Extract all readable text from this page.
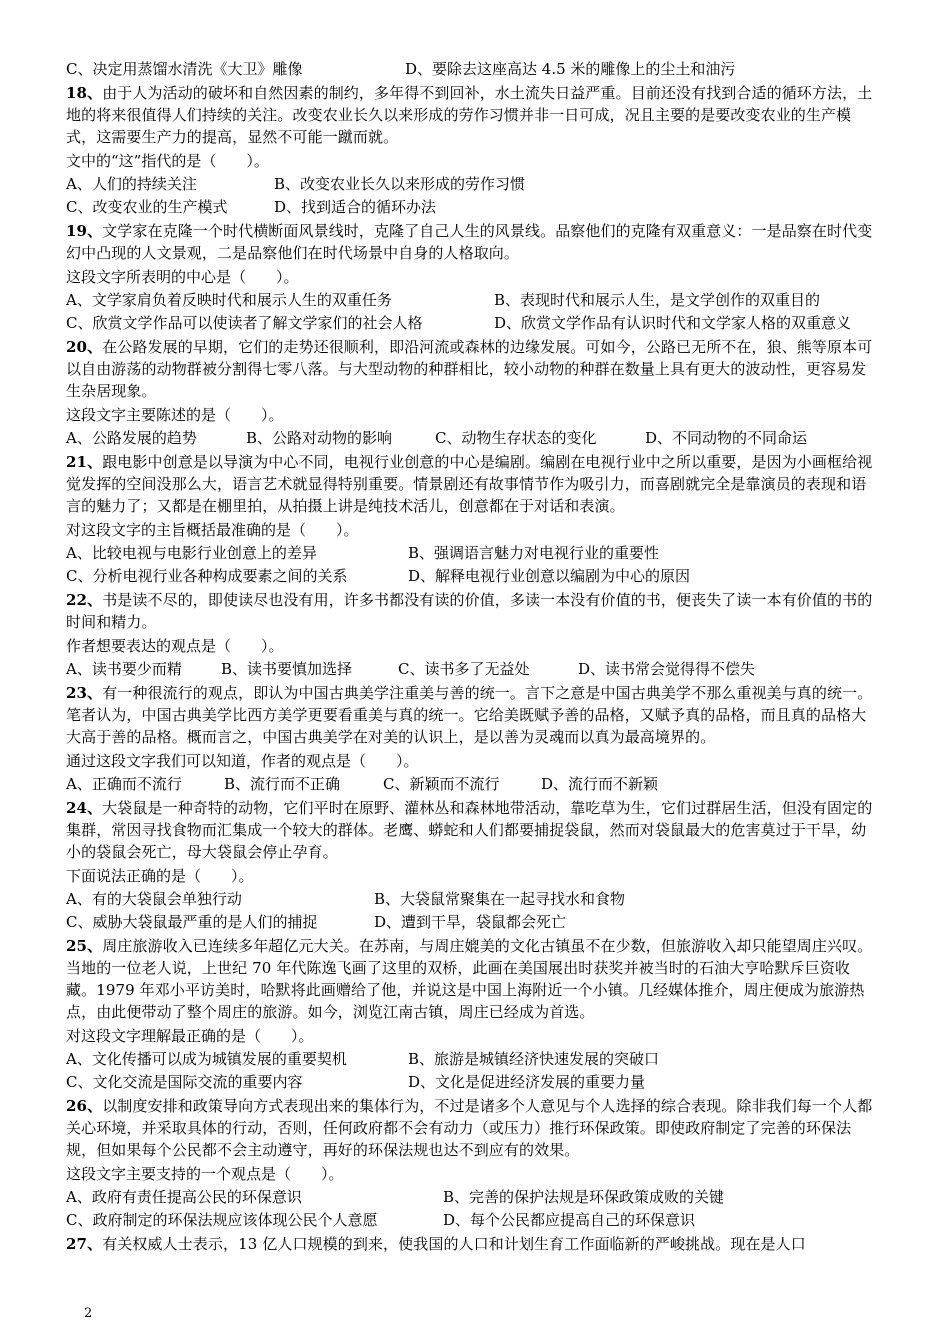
C、决定用蒸馏水清洗《大卫》雕像	D、要除去这座高达 4.5 米的雕像上的尘土和油污
18、由于人为活动的破坏和自然因素的制约，多年得不到回补，水土流失日益严重。目前还没有找到合适的循环方法，土地的将来很值得人们持续的关注。改变农业长久以来形成的劳作习惯并非一日可成，况且主要的是要改变农业的生产模式，这需要生产力的提高，显然不可能一蹴而就。
文中的“这”指代的是（　　）。
A、人们的持续关注	B、改变农业长久以来形成的劳作习惯
C、改变农业的生产模式	D、找到适合的循环办法
19、文学家在克隆一个时代横断面风景线时，克隆了自己人生的风景线。品察他们的克隆有双重意义：一是品察在时代变幻中凸现的人文景观，二是品察他们在时代场景中自身的人格取向。
这段文字所表明的中心是（　　）。
A、文学家肩负着反映时代和展示人生的双重任务	B、表现时代和展示人生，是文学创作的双重目的
C、欣赏文学作品可以使读者了解文学家们的社会人格	D、欣赏文学作品有认识时代和文学家人格的双重意义
20、在公路发展的早期，它们的走势还很顺利，即沿河流或森林的边缘发展。可如今，公路已无所不在，狼、熊等原本可以自由游荡的动物群被分割得七零八落。与大型动物的种群相比，较小动物的种群在数量上具有更大的波动性，更容易发生杂居现象。
这段文字主要陈述的是（　　）。
A、公路发展的趋势	B、公路对动物的影响	C、动物生存状态的变化	D、不同动物的不同命运
21、跟电影中创意是以导演为中心不同，电视行业创意的中心是编剧。编剧在电视行业中之所以重要，是因为小画框给视觉发挥的空间没那么大，语言艺术就显得特别重要。情景剧还有故事情节作为吸引力，而喜剧就完全是靠演员的表现和语言的魅力了；又都是在棚里拍，从拍摄上讲是纯技术活儿，创意都在于对话和表演。
对这段文字的主旨概括最准确的是（　　）。
A、比较电视与电影行业创意上的差异	B、强调语言魅力对电视行业的重要性
C、分析电视行业各种构成要素之间的关系	D、解释电视行业创意以编剧为中心的原因
22、书是读不尽的，即使读尽也没有用，许多书都没有读的价值，多读一本没有价值的书，便丧失了读一本有价值的书的时间和精力。
作者想要表达的观点是（　　）。
A、读书要少而精	B、读书要慎加选择	C、读书多了无益处	D、读书常会觉得得不偿失
23、有一种很流行的观点，即认为中国古典美学注重美与善的统一。言下之意是中国古典美学不那么重视美与真的统一。笔者认为，中国古典美学比西方美学更要看重美与真的统一。它给美既赋予善的品格，又赋予真的品格，而且真的品格大大高于善的品格。概而言之，中国古典美学在对美的认识上，是以善为灵魂而以真为最高境界的。
通过这段文字我们可以知道，作者的观点是（　　）。
A、正确而不流行	B、流行而不正确	C、新颖而不流行	D、流行而不新颖
24、大袋鼠是一种奇特的动物，它们平时在原野、灌林丛和森林地带活动，靠吃草为生，它们过群居生活，但没有固定的集群，常因寻找食物而汇集成一个较大的群体。老鹰、蟒蛇和人们都要捕捉袋鼠，然而对袋鼠最大的危害莫过于干旱，幼小的袋鼠会死亡，母大袋鼠会停止孕育。
下面说法正确的是（　　）。
A、有的大袋鼠会单独行动	B、大袋鼠常聚集在一起寻找水和食物
C、威胁大袋鼠最严重的是人们的捕捉	D、遭到干旱，袋鼠都会死亡
25、周庄旅游收入已连续多年超亿元大关。在苏南，与周庄媲美的文化古镇虽不在少数，但旅游收入却只能望周庄兴叹。当地的一位老人说，上世纪 70 年代陈逸飞画了这里的双桥，此画在美国展出时获奖并被当时的石油大亨哈默斥巨资收藏。1979 年邓小平访美时，哈默将此画赠给了他，并说这是中国上海附近一个小镇。几经媒体推介，周庄便成为旅游热点，由此便带动了整个周庄的旅游。如今，浏览江南古镇，周庄已经成为首选。
对这段文字理解最正确的是（　　）。
A、文化传播可以成为城镇发展的重要契机	B、旅游是城镇经济快速发展的突破口
C、文化交流是国际交流的重要内容	D、文化是促进经济发展的重要力量
26、以制度安排和政策导向方式表现出来的集体行为，不过是诸多个人意见与个人选择的综合表现。除非我们每一个人都关心环境，并采取具体的行动，否则，任何政府都不会有动力（或压力）推行环保政策。即使政府制定了完善的环保法规，但如果每个公民都不会主动遵守，再好的环保法规也达不到应有的效果。
这段文字主要支持的一个观点是（　　）。
A、政府有责任提高公民的环保意识	B、完善的保护法规是环保政策成败的关键
C、政府制定的环保法规应该体现公民个人意愿	D、每个公民都应提高自己的环保意识
27、有关权威人士表示，13 亿人口规模的到来，使我国的人口和计划生育工作面临新的严峻挑战。现在是人口
2
